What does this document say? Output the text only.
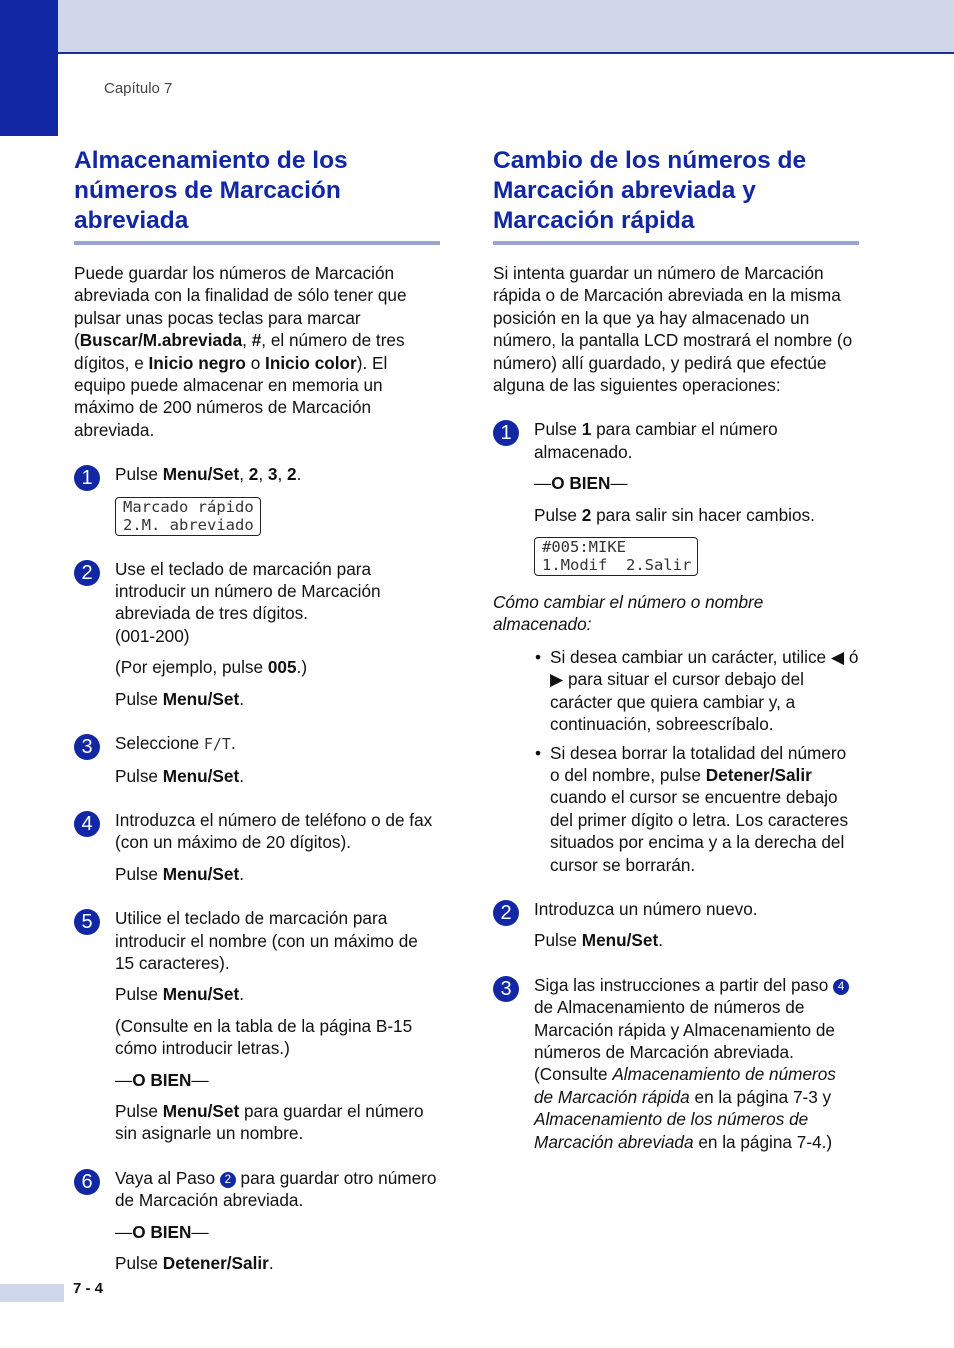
Capítulo 7
Almacenamiento de los números de Marcación abreviada

Puede guardar los números de Marcación abreviada con la finalidad de sólo tener que pulsar unas pocas teclas para marcar (Buscar/M.abreviada, #, el número de tres dígitos, e Inicio negro o Inicio color). El equipo puede almacenar en memoria un máximo de 200 números de Marcación abreviada.

1	Pulse Menu/Set, 2, 3, 2.

Marcado rápido
2.M. abreviado
2	Use el teclado de marcación para introducir un número de Marcación abreviada de tres dígitos.
(001-200)

(Por ejemplo, pulse 005.)

Pulse Menu/Set.

3	Seleccione F/T.

Pulse Menu/Set.

4	Introduzca el número de teléfono o de fax (con un máximo de 20 dígitos).

Pulse Menu/Set.

5	Utilice el teclado de marcación para introducir el nombre (con un máximo de 15 caracteres).

Pulse Menu/Set.

(Consulte en la tabla de la página B-15 cómo introducir letras.)

—O BIEN—

Pulse Menu/Set para guardar el número sin asignarle un nombre.

6	Vaya al Paso 2 para guardar otro número de Marcación abreviada.

—O BIEN—

Pulse Detener/Salir.

Cambio de los números de Marcación abreviada y Marcación rápida

Si intenta guardar un número de Marcación rápida o de Marcación abreviada en la misma posición en la que ya hay almacenado un número, la pantalla LCD mostrará el nombre (o número) allí guardado, y pedirá que efectúe alguna de las siguientes operaciones:

1	Pulse 1 para cambiar el número almacenado.

—O BIEN—

Pulse 2 para salir sin hacer cambios.

#005:MIKE
1.Modif  2.Salir

Cómo cambiar el número o nombre almacenado:

• Si desea cambiar un carácter, utilice ◀ ó ▶ para situar el cursor debajo del carácter que quiera cambiar y, a continuación, sobreescríbalo.
• Si desea borrar la totalidad del número o del nombre, pulse Detener/Salir cuando el cursor se encuentre debajo del primer dígito o letra. Los caracteres situados por encima y a la derecha del cursor se borrarán.
2	Introduzca un número nuevo.

Pulse Menu/Set.

3	Siga las instrucciones a partir del paso 4 de Almacenamiento de números de Marcación rápida y Almacenamiento de números de Marcación abreviada. (Consulte Almacenamiento de números de Marcación rápida en la página 7-3 y Almacenamiento de los números de Marcación abreviada en la página 7-4.)

7 - 4
